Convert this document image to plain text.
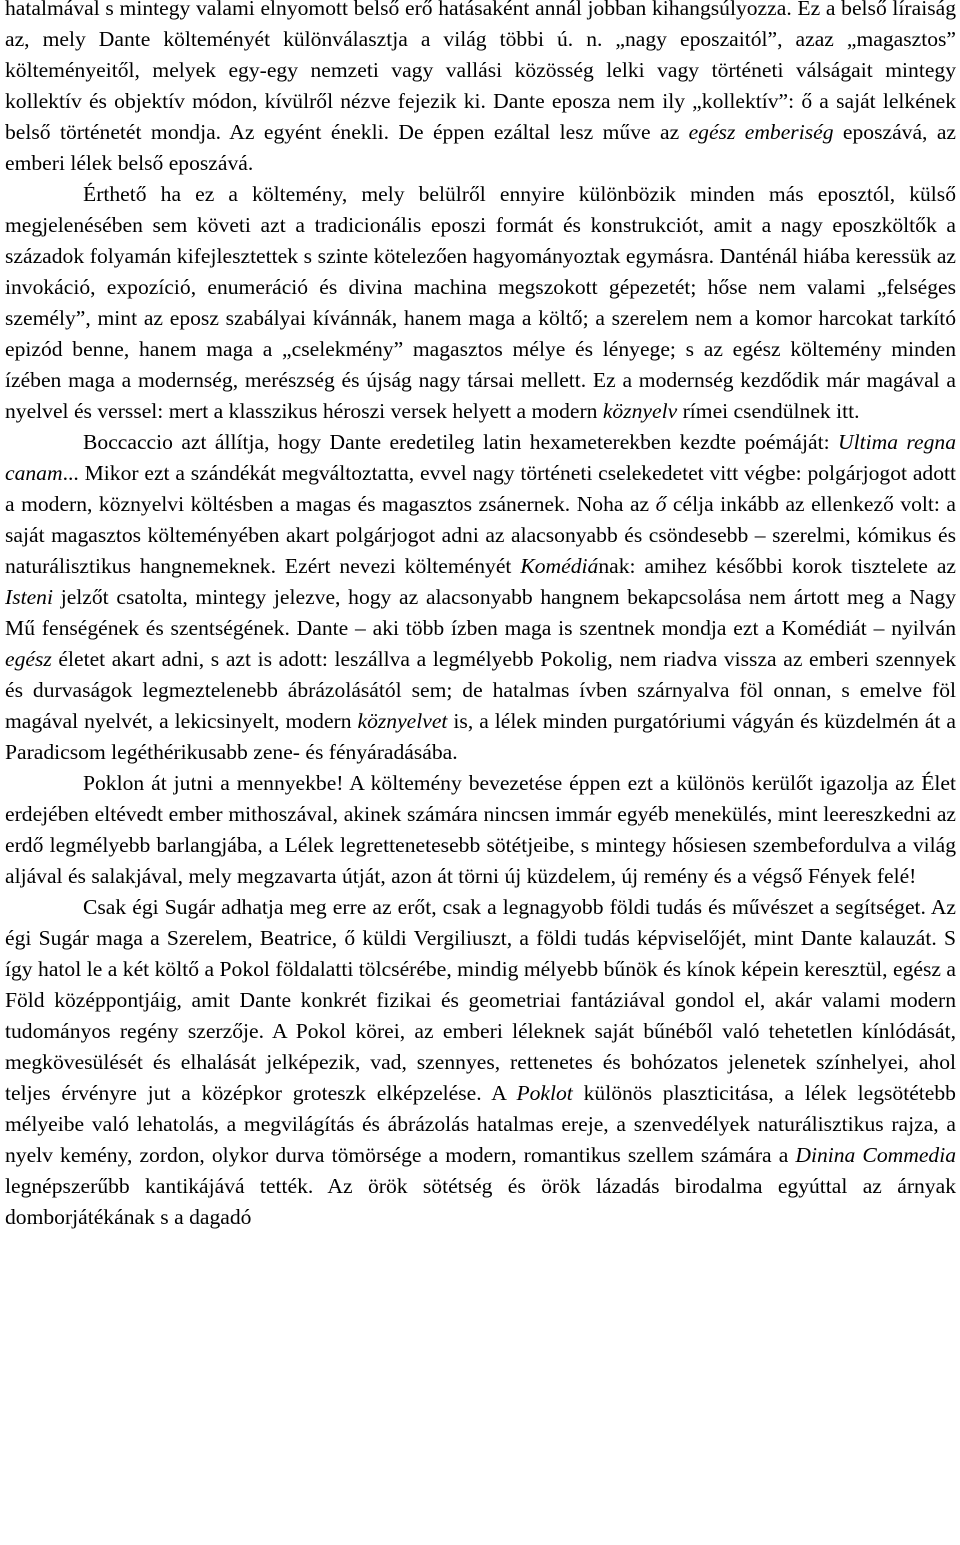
hatalmával s mintegy valami elnyomott belső erő hatásaként annál jobban kihangsúlyozza. Ez a belső líraiság az, mely Dante költeményét különválasztja a világ többi ú. n. „nagy eposzaitól”, azaz „magasztos” költeményeitől, melyek egy-egy nemzeti vagy vallási közösség lelki vagy történeti válságait mintegy kollektív és objektív módon, kívülről nézve fejezik ki. Dante eposza nem ily „kollektív”: ő a saját lelkének belső történetét mondja. Az egyént énekli. De éppen ezáltal lesz műve az egész emberiség eposzává, az emberi lélek belső eposzává.

Érthető ha ez a költemény, mely belülről ennyire különbözik minden más eposztól, külső megjelenésében sem követi azt a tradicionális eposzi formát és konstrukciót, amit a nagy eposzköltők a századok folyamán kifejlesztettek s szinte kötelezően hagyományoztak egymásra. Danténál hiába keressük az invokáció, expozíció, enumeráció és divina machina megszokott gépezetét; hőse nem valami „felséges személy”, mint az eposz szabályai kívánnák, hanem maga a költő; a szerelem nem a komor harcokat tarkító epizód benne, hanem maga a „cselekmény” magasztos mélye és lényege; s az egész költemény minden ízében maga a modernség, merészség és újság nagy társai mellett. Ez a modernség kezdődik már magával a nyelvel és verssel: mert a klasszikus héroszi versek helyett a modern köznyelv rímei csendülnek itt.

Boccaccio azt állítja, hogy Dante eredetileg latin hexameterekben kezdte poémáját: Ultima regna canam... Mikor ezt a szándékát megváltoztatta, evvel nagy történeti cselekedetet vitt végbe: polgárjogot adott a modern, köznyelvi költésben a magas és magasztos zsánernek. Noha az ő célja inkább az ellenkező volt: a saját magasztos költeményében akart polgárjogot adni az alacsonyabb és csöndesebb – szerelmi, kómikus és naturálisztikus hangnemeknek. Ezért nevezi költeményét Komédiának: amihez későbbi korok tisztelete az Isteni jelzőt csatolta, mintegy jelezve, hogy az alacsonyabb hangnem bekapcsolása nem ártott meg a Nagy Mű fenségének és szentségének. Dante – aki több ízben maga is szentnek mondja ezt a Komédiát – nyilván egész életet akart adni, s azt is adott: leszállva a legmélyebb Pokolig, nem riadva vissza az emberi szennyek és durvaságok legmeztelenebb ábrázolásától sem; de hatalmas ívben szárnyalva föl onnan, s emelve föl magával nyelvét, a lekicsinyelt, modern köznyelvet is, a lélek minden purgatóriumi vágyán és küzdelmén át a Paradicsom legéthérikusabb zene- és fényáradásába.

Poklon át jutni a mennyekbe! A költemény bevezetése éppen ezt a különös kerülőt igazolja az Élet erdejében eltévedt ember mithoszával, akinek számára nincsen immár egyéb menekülés, mint leereszkedni az erdő legmélyebb barlangjába, a Lélek legrettenetesebb sötétjeibe, s mintegy hősiesen szembefordulva a világ aljával és salakjával, mely megzavarta útját, azon át törni új küzdelem, új remény és a végső Fények felé!

Csak égi Sugár adhatja meg erre az erőt, csak a legnagyobb földi tudás és művészet a segítséget. Az égi Sugár maga a Szerelem, Beatrice, ő küldi Vergiliuszt, a földi tudás képviselőjét, mint Dante kalauzát. S így hatol le a két költő a Pokol földalatti tölcsérébe, mindig mélyebb bűnök és kínok képein keresztül, egész a Föld középpontjáig, amit Dante konkrét fizikai és geometriai fantáziával gondol el, akár valami modern tudományos regény szerzője. A Pokol körei, az emberi léleknek saját bűnéből való tehetetlen kínlódását, megkövesülését és elhalását jelképezik, vad, szennyes, rettenetes és bohózatos jelenetek színhelyei, ahol teljes érvényre jut a középkor groteszk elképzelése. A Poklot különös plaszticitása, a lélek legsötétebb mélyeibe való lehatolás, a megvilágítás és ábrázolás hatalmas ereje, a szenvedélyek naturálisztikus rajza, a nyelv kemény, zordon, olykor durva tömörsége a modern, romantikus szellem számára a Dinina Commedia legnépszerűbb kantikájává tették. Az örök sötétség és örök lázadás birodalma egyúttal az árnyak domborjátékának s a dagadó
